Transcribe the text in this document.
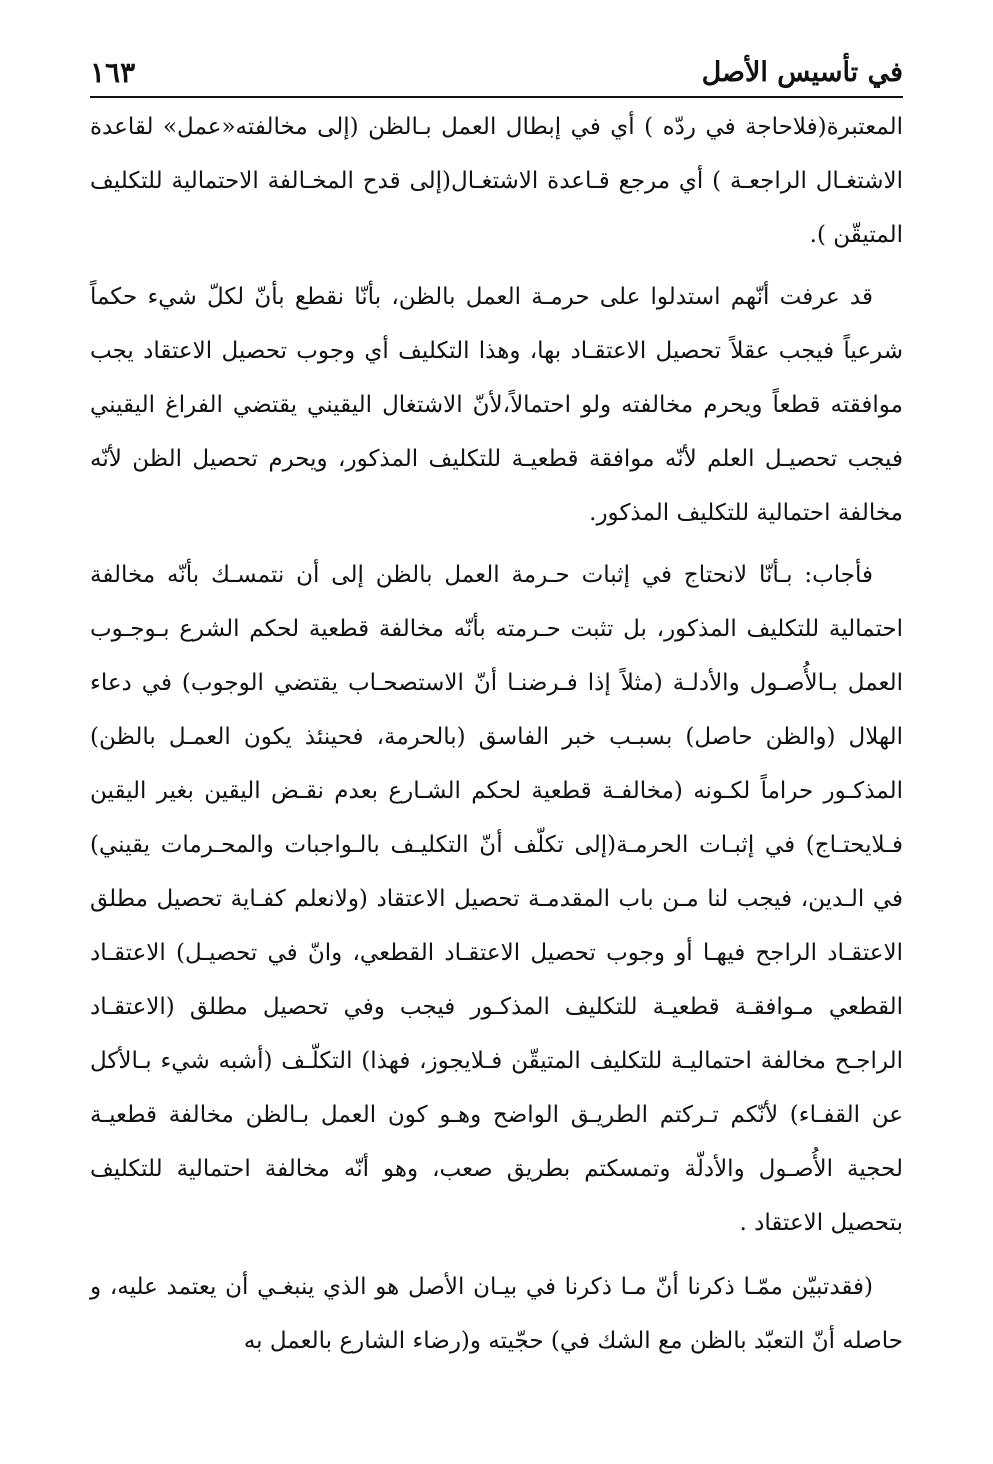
في تأسيس الأصل
١٦٣

المعتبرة(فلاحاجة في ردّه ) أي في إبطال العمل بـالظن (إلى مخالفته«عمل» لقاعدة الاشتغـال الراجعـة ) أي مرجع قـاعدة الاشتغـال(إلى قدح المخـالفة الاحتمالية للتكليف المتيقّن ).

قد عرفت أنّهم استدلوا على حرمـة العمل بالظن، بأنّا نقطع بأنّ لكلّ شيء حكماً شرعياً فيجب عقلاً تحصيل الاعتقـاد بها، وهذا التكليف أي وجوب تحصيل الاعتقاد يجب موافقته قطعاً ويحرم مخالفته ولو احتمالاً،لأنّ الاشتغال اليقيني يقتضي الفراغ اليقيني فيجب تحصيـل العلم لأنّه موافقة قطعيـة للتكليف المذكور، ويحرم تحصيل الظن لأنّه مخالفة احتمالية للتكليف المذكور.

فأجاب: بـأنّا لانحتاج في إثبات حـرمة العمل بالظن إلى أن نتمسـك بأنّه مخالفة احتمالية للتكليف المذكور، بل تثبت حـرمته بأنّه مخالفة قطعية لحكم الشرع بـوجـوب العمل بـالأُصـول والأدلـة (مثلاً إذا فـرضنـا أنّ الاستصحـاب يقتضي الوجوب) في دعاء الهلال (والظن حاصل) بسبـب خبر الفاسق (بالحرمة، فحينئذ يكون العمـل بالظن) المذكـور حراماً لكـونه (مخالفـة قطعية لحكم الشـارع بعدم نقـض اليقين بغير اليقين فـلايحتـاج) في إثبـات الحرمـة(إلى تكلّف أنّ التكليـف بالـواجبات والمحـرمات يقيني) في الـدين، فيجب لنا مـن باب المقدمـة تحصيل الاعتقاد (ولانعلم كفـاية تحصيل مطلق الاعتقـاد الراجح فيهـا أو وجوب تحصيل الاعتقـاد القطعي، وانّ في تحصيـل) الاعتقـاد القطعي مـوافقـة قطعيـة للتكليف المذكـور فيجب وفي تحصيل مطلق (الاعتقـاد الراجـح مخالفة احتماليـة للتكليف المتيقّن فـلايجوز، فهذا) التكلّـف (أشبه شيء بـالأكل عن القفـاء) لأنّكم تـركتم الطريـق الواضح وهـو كون العمل بـالظن مخالفة قطعيـة لحجية الأُصـول والأدلّة وتمسكتم بطريق صعب، وهو أنّه مخالفة احتمالية للتكليف بتحصيل الاعتقاد .

(فقدتبيّن ممّـا ذكرنا أنّ مـا ذكرنا في بيـان الأصل هو الذي ينبغـي أن يعتمد عليه، و حاصله أنّ التعبّد بالظن مع الشك في) حجّيته و(رضاء الشارع بالعمل به
